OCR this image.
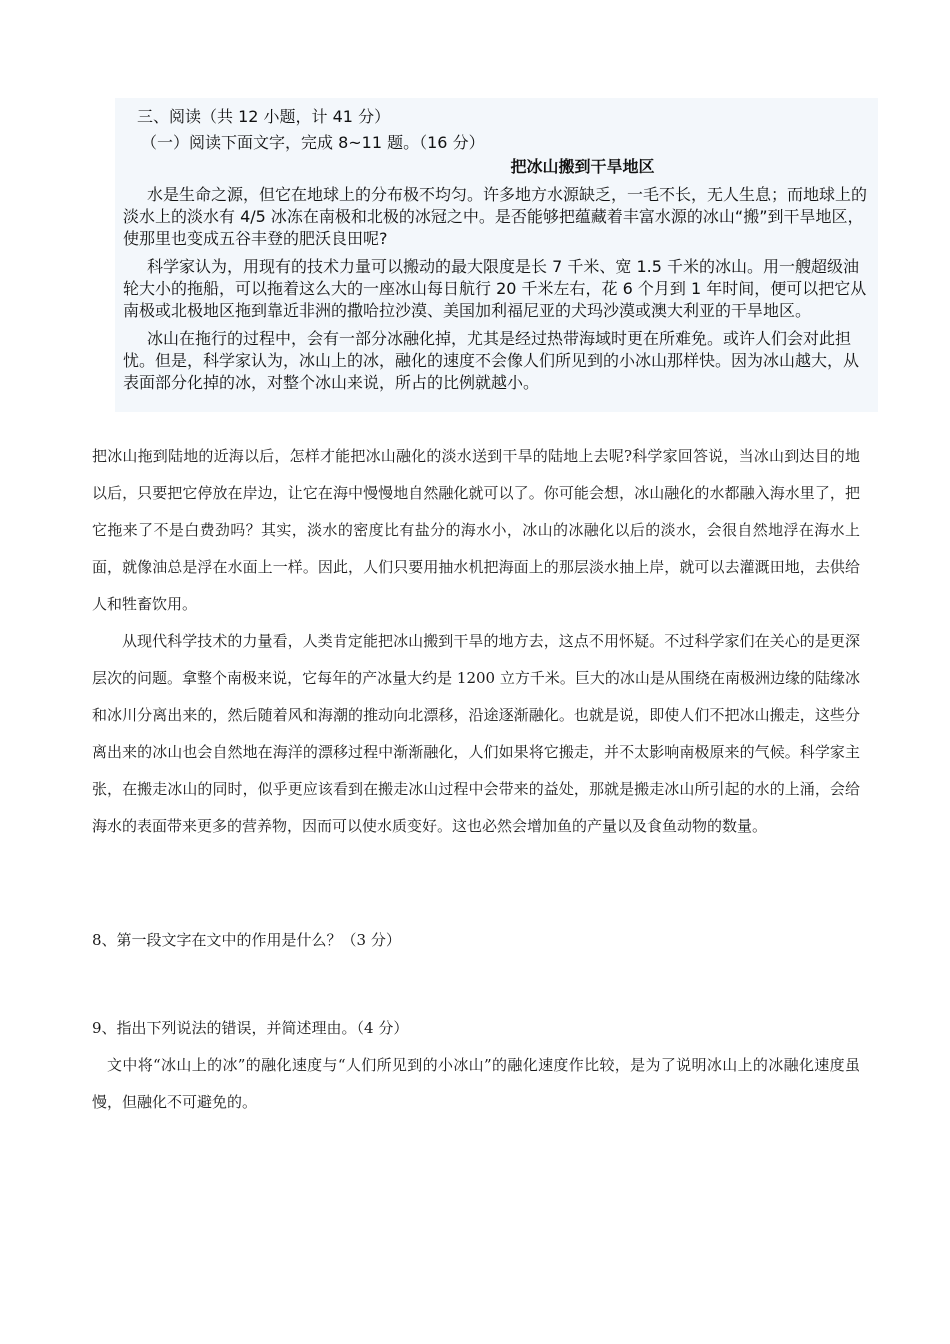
三、阅读（共 12 小题，计 41 分）
（一）阅读下面文字，完成 8~11 题。（16 分）
把冰山搬到干旱地区

水是生命之源，但它在地球上的分布极不均匀。许多地方水源缺乏，一毛不长，无人生息；而地球上的淡水上的淡水有 4/5 冰冻在南极和北极的冰冠之中。是否能够把蕴藏着丰富水源的冰山“搬”到干旱地区，使那里也变成五谷丰登的肥沃良田呢?

科学家认为，用现有的技术力量可以搬动的最大限度是长 7 千米、宽 1.5 千米的冰山。用一艘超级油轮大小的拖船，可以拖着这么大的一座冰山每日航行 20 千米左右，花 6 个月到 1 年时间，便可以把它从南极或北极地区拖到靠近非洲的撒哈拉沙漠、美国加利福尼亚的犬玛沙漠或澳大利亚的干旱地区。

冰山在拖行的过程中，会有一部分冰融化掉，尤其是经过热带海域时更在所难免。或许人们会对此担忧。但是，科学家认为，冰山上的冰，融化的速度不会像人们所见到的小冰山那样快。因为冰山越大，从表面部分化掉的冰，对整个冰山来说，所占的比例就越小。

把冰山拖到陆地的近海以后，怎样才能把冰山融化的淡水送到干旱的陆地上去呢?科学家回答说，当冰山到达目的地以后，只要把它停放在岸边，让它在海中慢慢地自然融化就可以了。你可能会想，冰山融化的水都融入海水里了，把它拖来了不是白费劲吗？其实，淡水的密度比有盐分的海水小，冰山的冰融化以后的淡水，会很自然地浮在海水上面，就像油总是浮在水面上一样。因此，人们只要用抽水机把海面上的那层淡水抽上岸，就可以去灌溉田地，去供给人和牲畜饮用。

从现代科学技术的力量看，人类肯定能把冰山搬到干旱的地方去，这点不用怀疑。不过科学家们在关心的是更深层次的问题。拿整个南极来说，它每年的产冰量大约是 1200 立方千米。巨大的冰山是从围绕在南极洲边缘的陆缘冰和冰川分离出来的，然后随着风和海潮的推动向北漂移，沿途逐渐融化。也就是说，即使人们不把冰山搬走，这些分离出来的冰山也会自然地在海洋的漂移过程中渐渐融化，人们如果将它搬走，并不太影响南极原来的气候。科学家主张，在搬走冰山的同时，似乎更应该看到在搬走冰山过程中会带来的益处，那就是搬走冰山所引起的水的上涌，会给海水的表面带来更多的营养物，因而可以使水质变好。这也必然会增加鱼的产量以及食鱼动物的数量。

8、第一段文字在文中的作用是什么？（3 分）

9、指出下列说法的错误，并简述理由。（4 分）

文中将“冰山上的冰”的融化速度与“人们所见到的小冰山”的融化速度作比较，是为了说明冰山上的冰融化速度虽慢，但融化不可避免的。
